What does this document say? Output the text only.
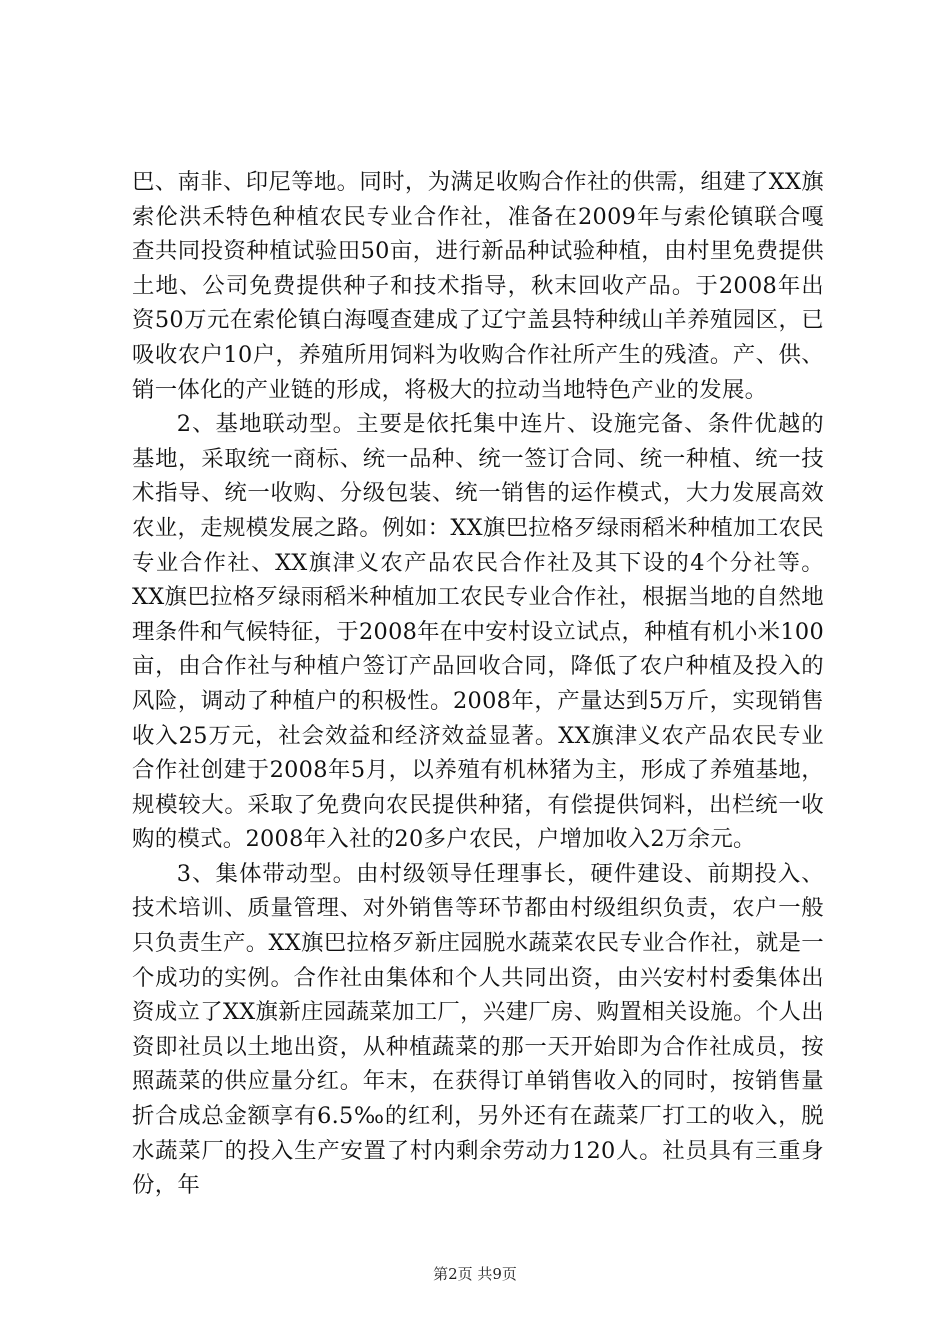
巴、南非、印尼等地。同时，为满足收购合作社的供需，组建了XX旗索伦洪禾特色种植农民专业合作社，准备在2009年与索伦镇联合嘎查共同投资种植试验田50亩，进行新品种试验种植，由村里免费提供土地、公司免费提供种子和技术指导，秋末回收产品。于2008年出资50万元在索伦镇白海嘎查建成了辽宁盖县特种绒山羊养殖园区，已吸收农户10户，养殖所用饲料为收购合作社所产生的残渣。产、供、销一体化的产业链的形成，将极大的拉动当地特色产业的发展。

2、基地联动型。主要是依托集中连片、设施完备、条件优越的基地，采取统一商标、统一品种、统一签订合同、统一种植、统一技术指导、统一收购、分级包装、统一销售的运作模式，大力发展高效农业，走规模发展之路。例如：XX旗巴拉格歹绿雨稻米种植加工农民专业合作社、XX旗津义农产品农民合作社及其下设的4个分社等。XX旗巴拉格歹绿雨稻米种植加工农民专业合作社，根据当地的自然地理条件和气候特征，于2008年在中安村设立试点，种植有机小米100亩，由合作社与种植户签订产品回收合同，降低了农户种植及投入的风险，调动了种植户的积极性。2008年，产量达到5万斤，实现销售收入25万元，社会效益和经济效益显著。XX旗津义农产品农民专业合作社创建于2008年5月，以养殖有机林猪为主，形成了养殖基地，规模较大。采取了免费向农民提供种猪，有偿提供饲料，出栏统一收购的模式。2008年入社的20多户农民，户增加收入2万余元。

3、集体带动型。由村级领导任理事长，硬件建设、前期投入、技术培训、质量管理、对外销售等环节都由村级组织负责，农户一般只负责生产。XX旗巴拉格歹新庄园脱水蔬菜农民专业合作社，就是一个成功的实例。合作社由集体和个人共同出资，由兴安村村委集体出资成立了XX旗新庄园蔬菜加工厂，兴建厂房、购置相关设施。个人出资即社员以土地出资，从种植蔬菜的那一天开始即为合作社成员，按照蔬菜的供应量分红。年末，在获得订单销售收入的同时，按销售量折合成总金额享有6.5‰的红利，另外还有在蔬菜厂打工的收入，脱水蔬菜厂的投入生产安置了村内剩余劳动力120人。社员具有三重身份，年

第2页 共9页
